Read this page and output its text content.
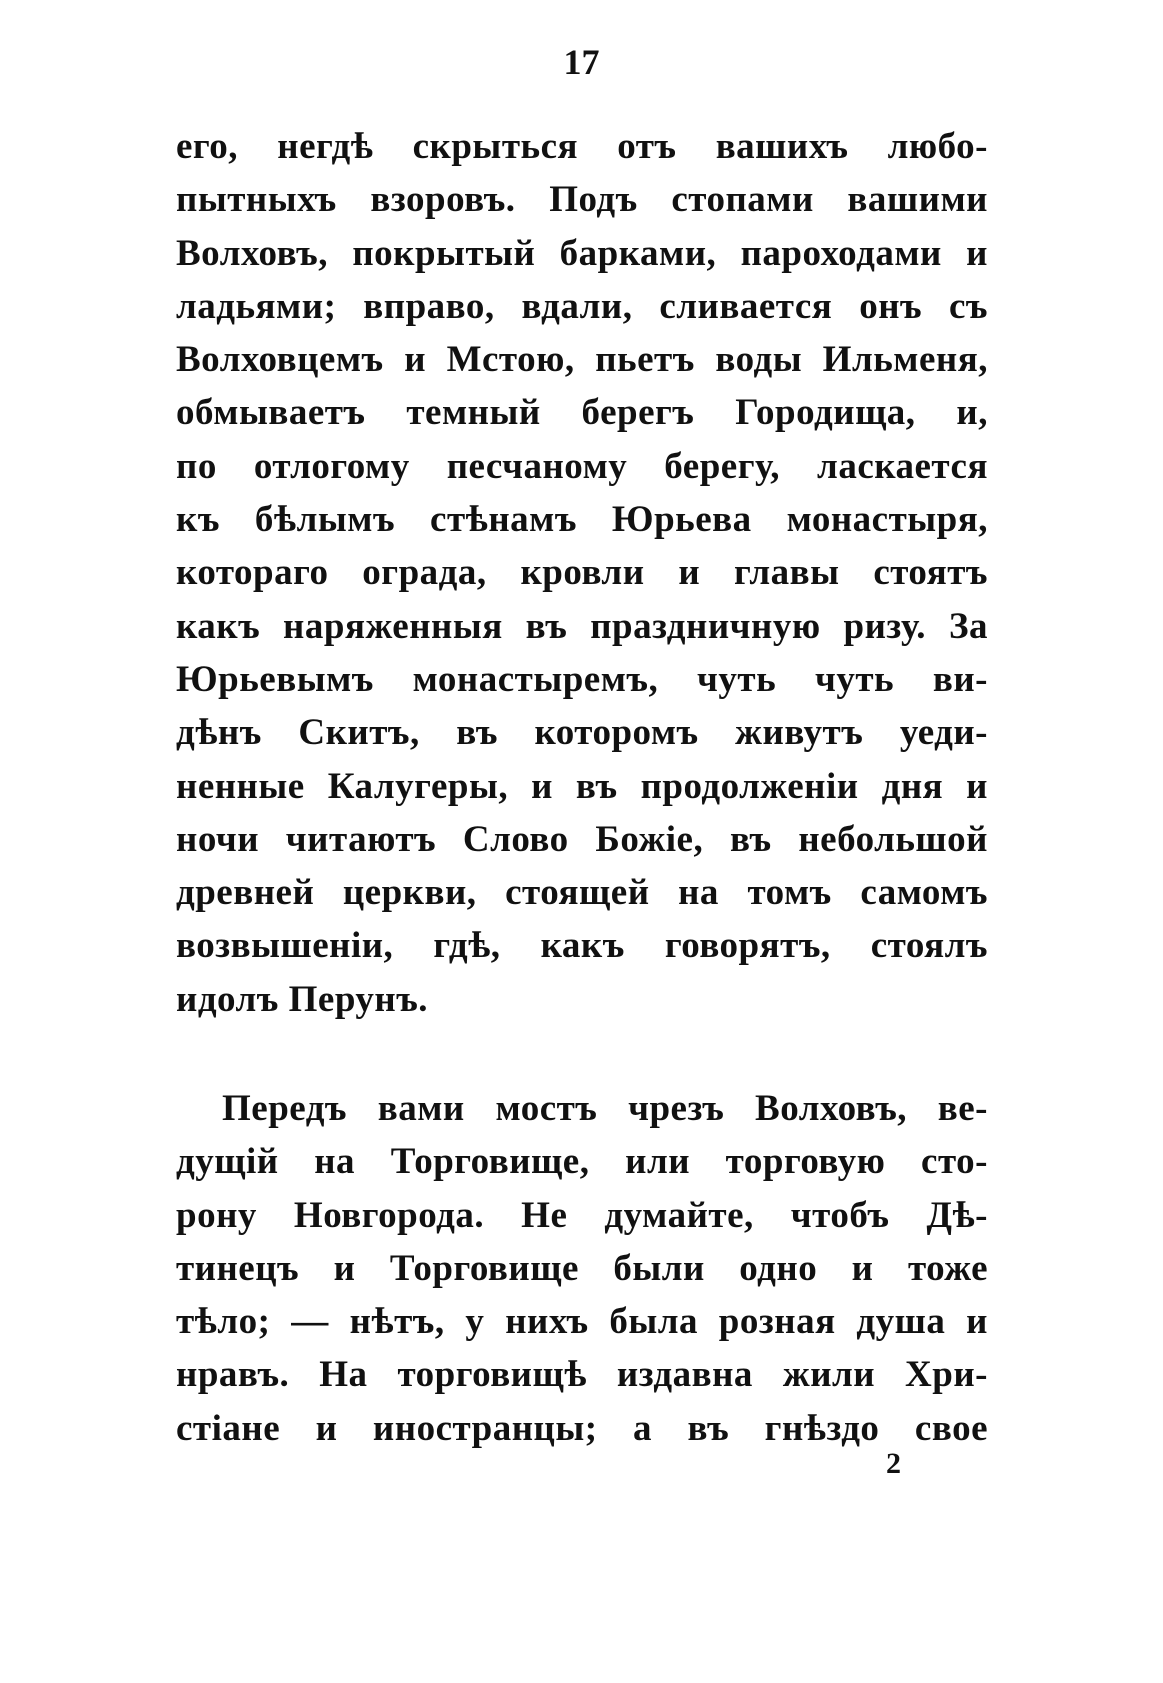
17
его, негдѣ скрыться отъ вашихъ любо-
пытныхъ взоровъ. Подъ стопами вашими
Волховъ, покрытый барками, пароходами и
ладьями; вправо, вдали, сливается онъ съ
Волховцемъ и Мстою, пьетъ воды Ильменя,
обмываетъ темный берегъ Городища, и,
по отлогому песчаному берегу, ласкается
къ бѣлымъ стѣнамъ Юрьева монастыря,
котораго ограда, кровли и главы стоятъ
какъ наряженныя въ праздничную ризу. За
Юрьевымъ монастыремъ, чуть чуть ви-
дѣнъ Скитъ, въ которомъ живутъ уеди-
ненные Калугеры, и въ продолженіи дня и
ночи читаютъ Слово Божіе, въ небольшой
древней церкви, стоящей на томъ самомъ
возвышеніи, гдѣ, какъ говорятъ, стоялъ
идолъ Перунъ.
Передъ вами мостъ чрезъ Волховъ, ве-
дущій на Торговище, или торговую сто-
рону Новгорода. Не думайте, чтобъ Дѣ-
тинецъ и Торговище были одно и тоже
тѣло; — нѣтъ, у нихъ была розная душа и
нравъ. На торговищѣ издавна жили Хри-
стіане и иностранцы; а въ гнѣздо свое
2
